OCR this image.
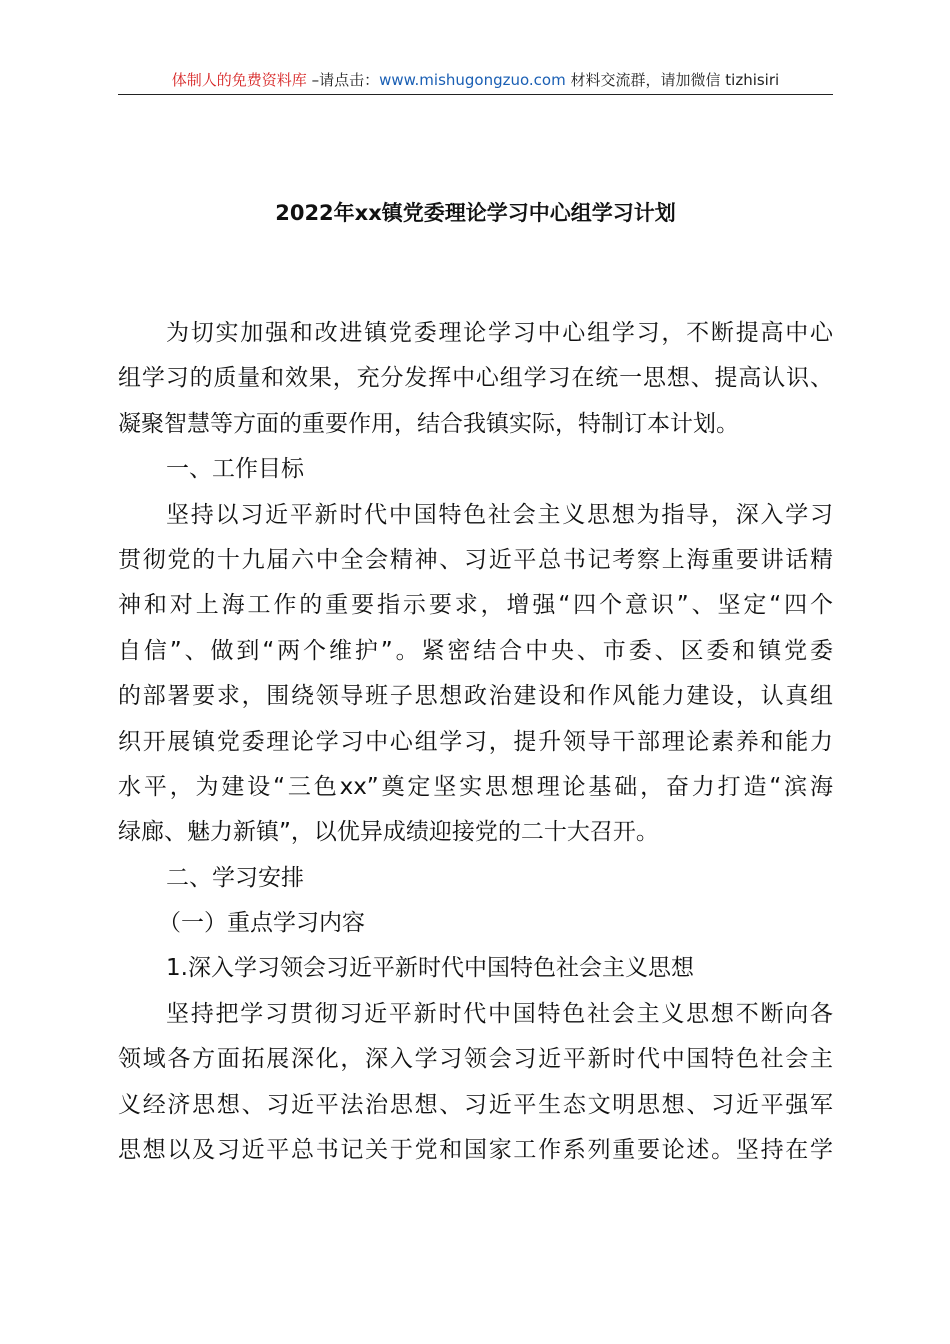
体制人的免费资料库 –请点击：www.mishugongzuo.com 材料交流群，请加微信 tizhisiri
2022年xx镇党委理论学习中心组学习计划
为切实加强和改进镇党委理论学习中心组学习，不断提高中心
组学习的质量和效果，充分发挥中心组学习在统一思想、提高认识、
凝聚智慧等方面的重要作用，结合我镇实际，特制订本计划。
一、工作目标
坚持以习近平新时代中国特色社会主义思想为指导，深入学习
贯彻党的十九届六中全会精神、习近平总书记考察上海重要讲话精
神和对上海工作的重要指示要求，增强“四个意识”、坚定“四个
自信”、做到“两个维护”。紧密结合中央、市委、区委和镇党委
的部署要求，围绕领导班子思想政治建设和作风能力建设，认真组
织开展镇党委理论学习中心组学习，提升领导干部理论素养和能力
水平，为建设“三色xx”奠定坚实思想理论基础，奋力打造“滨海
绿廊、魅力新镇”，以优异成绩迎接党的二十大召开。
二、学习安排
（一）重点学习内容
1.深入学习领会习近平新时代中国特色社会主义思想
坚持把学习贯彻习近平新时代中国特色社会主义思想不断向各
领域各方面拓展深化，深入学习领会习近平新时代中国特色社会主
义经济思想、习近平法治思想、习近平生态文明思想、习近平强军
思想以及习近平总书记关于党和国家工作系列重要论述。坚持在学
